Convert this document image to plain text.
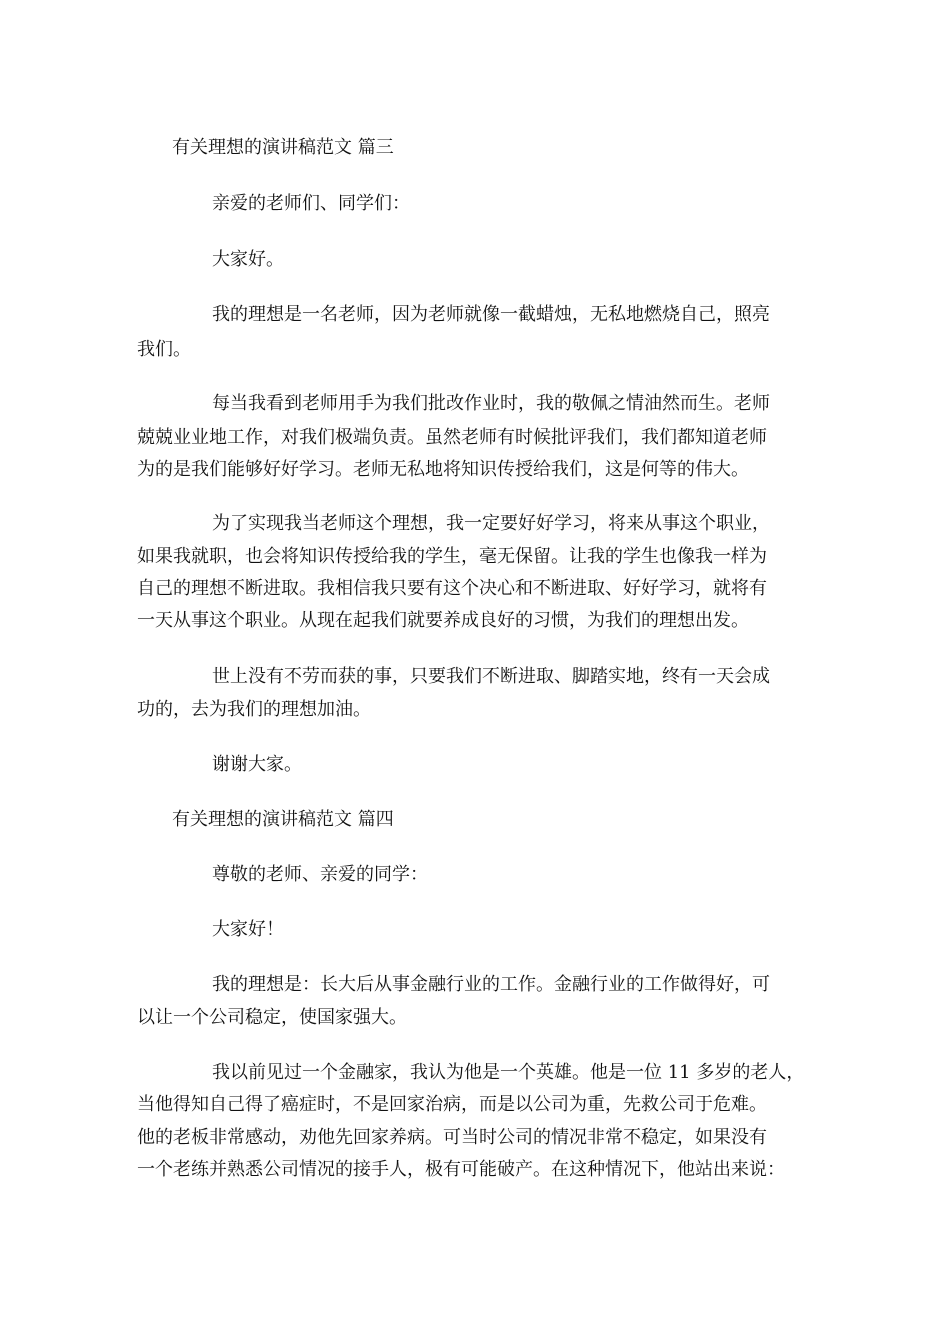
有关理想的演讲稿范文 篇三
亲爱的老师们、同学们：
大家好。
我的理想是一名老师，因为老师就像一截蜡烛，无私地燃烧自己，照亮
我们。
每当我看到老师用手为我们批改作业时，我的敬佩之情油然而生。老师
兢兢业业地工作，对我们极端负责。虽然老师有时候批评我们，我们都知道老师
为的是我们能够好好学习。老师无私地将知识传授给我们，这是何等的伟大。
为了实现我当老师这个理想，我一定要好好学习，将来从事这个职业，
如果我就职，也会将知识传授给我的学生，毫无保留。让我的学生也像我一样为
自己的理想不断进取。我相信我只要有这个决心和不断进取、好好学习，就将有
一天从事这个职业。从现在起我们就要养成良好的习惯，为我们的理想出发。
世上没有不劳而获的事，只要我们不断进取、脚踏实地，终有一天会成
功的，去为我们的理想加油。
谢谢大家。
有关理想的演讲稿范文 篇四
尊敬的老师、亲爱的同学：
大家好！
我的理想是：长大后从事金融行业的工作。金融行业的工作做得好，可
以让一个公司稳定，使国家强大。
我以前见过一个金融家，我认为他是一个英雄。他是一位 11 多岁的老人，
当他得知自己得了癌症时，不是回家治病，而是以公司为重，先救公司于危难。
他的老板非常感动，劝他先回家养病。可当时公司的情况非常不稳定，如果没有
一个老练并熟悉公司情况的接手人，极有可能破产。在这种情况下，他站出来说：
